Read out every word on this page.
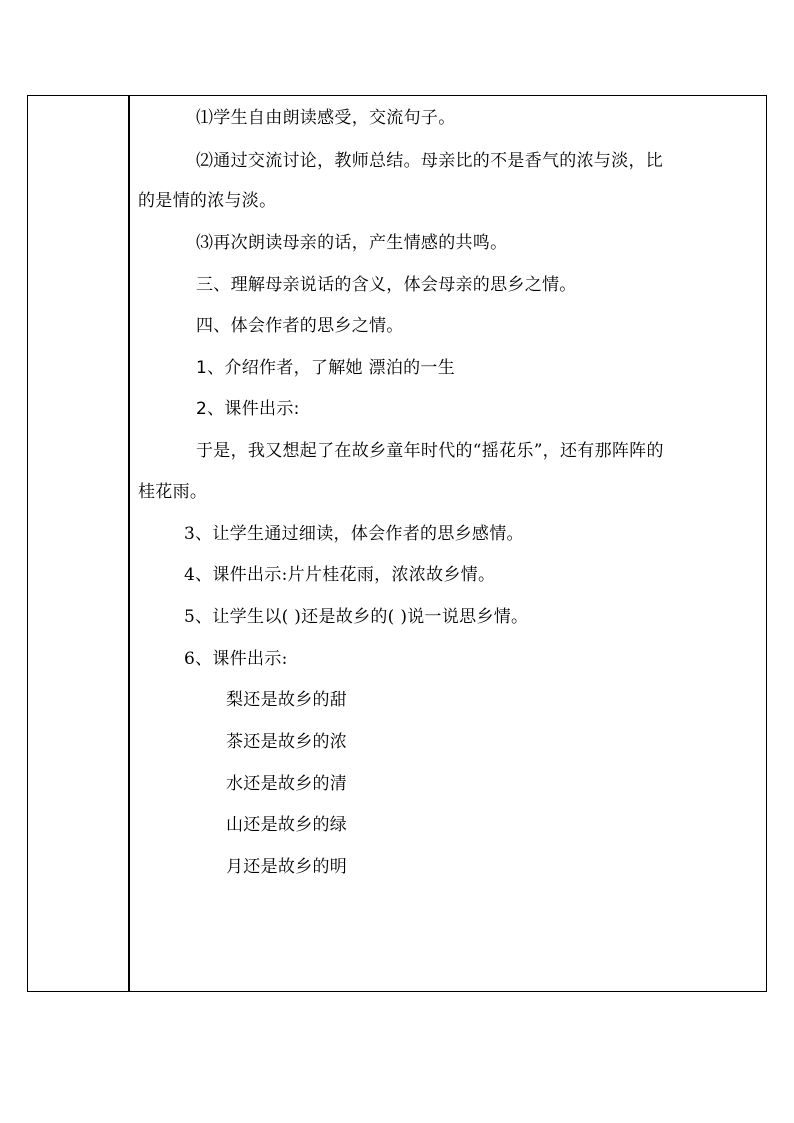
⑴学生自由朗读感受，交流句子。
⑵通过交流讨论，教师总结。母亲比的不是香气的浓与淡，比
的是情的浓与淡。
⑶再次朗读母亲的话，产生情感的共鸣。
三、理解母亲说话的含义，体会母亲的思乡之情。
四、体会作者的思乡之情。
1、介绍作者，了解她 漂泊的一生
2、课件出示:
于是，我又想起了在故乡童年时代的“摇花乐”，还有那阵阵的
桂花雨。
3、让学生通过细读，体会作者的思乡感情。
4、课件出示:片片桂花雨，浓浓故乡情。
5、让学生以( )还是故乡的( )说一说思乡情。
6、课件出示:
梨还是故乡的甜
茶还是故乡的浓
水还是故乡的清
山还是故乡的绿
月还是故乡的明
